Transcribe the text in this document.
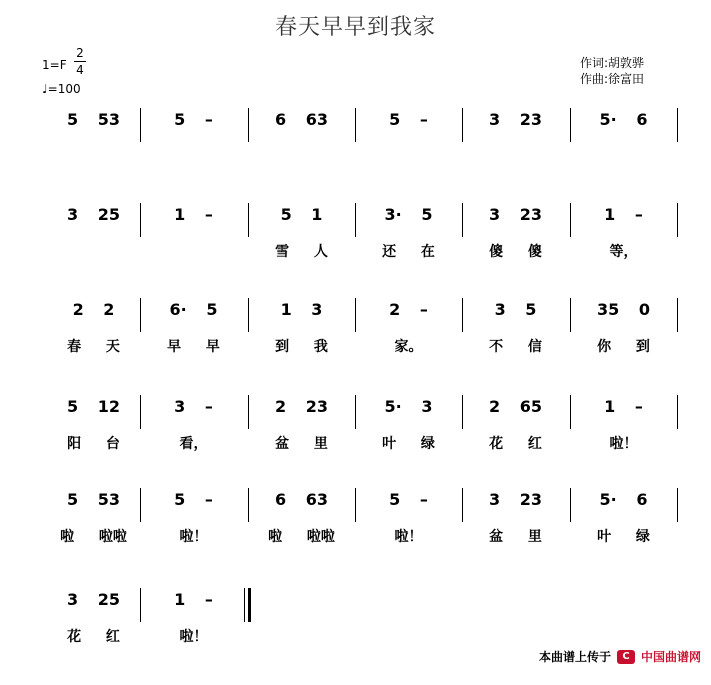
春天早早到我家
1=F
2
4
♩=100
作词:胡敦骅
作曲:徐富田
5 53	5 –	6 63	5 –	3 23	5· 6
3 25	1 –	5 1
雪 人
3· 5
还 在
3 23
傻 傻
1 –
等，
2 2
春 天
6· 5
早 早
1 3
到 我
2 –
家。
3 5
不 信
35 0
你 到
5 12
阳 台
3 –
看，
2 23
盆 里
5· 3
叶 绿
2 65
花 红
1 –
啦！
5 53
啦 啦啦
5 –
啦！
6 63
啦 啦啦
5 –
啦！
3 23
盆 里
5· 6
叶 绿
3 25
花 红
1 –
啦！
本曲谱上传于	C 中国曲谱网
